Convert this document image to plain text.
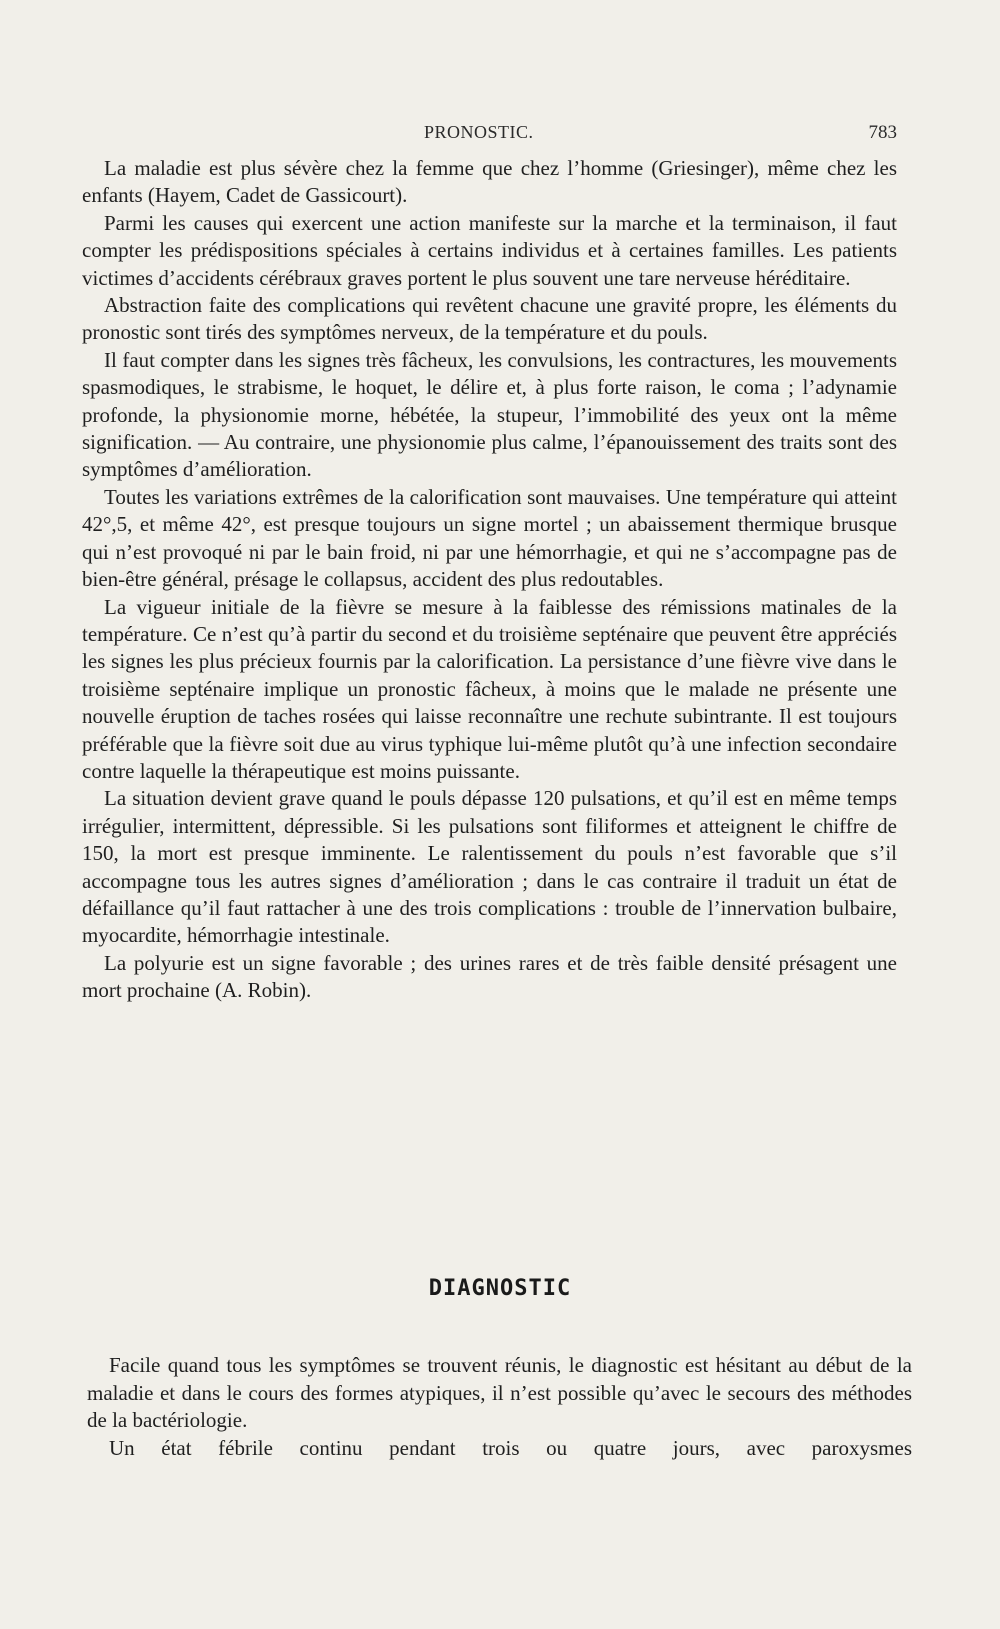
PRONOSTIC.	783

La maladie est plus sévère chez la femme que chez l’homme (Griesinger), même chez les enfants (Hayem, Cadet de Gassicourt).

Parmi les causes qui exercent une action manifeste sur la marche et la terminaison, il faut compter les prédispositions spéciales à certains individus et à certaines familles. Les patients victimes d’accidents cérébraux graves portent le plus souvent une tare nerveuse héréditaire.

Abstraction faite des complications qui revêtent chacune une gravité propre, les éléments du pronostic sont tirés des symptômes nerveux, de la température et du pouls.

Il faut compter dans les signes très fâcheux, les convulsions, les contractures, les mouvements spasmodiques, le strabisme, le hoquet, le délire et, à plus forte raison, le coma ; l’adynamie profonde, la physionomie morne, hébétée, la stupeur, l’immobilité des yeux ont la même signification. — Au contraire, une physionomie plus calme, l’épanouissement des traits sont des symptômes d’amélioration.

Toutes les variations extrêmes de la calorification sont mauvaises. Une température qui atteint 42°,5, et même 42°, est presque toujours un signe mortel ; un abaissement thermique brusque qui n’est provoqué ni par le bain froid, ni par une hémorrhagie, et qui ne s’accompagne pas de bien-être général, présage le collapsus, accident des plus redoutables.

La vigueur initiale de la fièvre se mesure à la faiblesse des rémissions matinales de la température. Ce n’est qu’à partir du second et du troisième septénaire que peuvent être appréciés les signes les plus précieux fournis par la calorification. La persistance d’une fièvre vive dans le troisième septénaire implique un pronostic fâcheux, à moins que le malade ne présente une nouvelle éruption de taches rosées qui laisse reconnaître une rechute subintrante. Il est toujours préférable que la fièvre soit due au virus typhique lui-même plutôt qu’à une infection secondaire contre laquelle la thérapeutique est moins puissante.

La situation devient grave quand le pouls dépasse 120 pulsations, et qu’il est en même temps irrégulier, intermittent, dépressible. Si les pulsations sont filiformes et atteignent le chiffre de 150, la mort est presque imminente. Le ralentissement du pouls n’est favorable que s’il accompagne tous les autres signes d’amélioration ; dans le cas contraire il traduit un état de défaillance qu’il faut rattacher à une des trois complications : trouble de l’innervation bulbaire, myocardite, hémorrhagie intestinale.

La polyurie est un signe favorable ; des urines rares et de très faible densité présagent une mort prochaine (A. Robin).

DIAGNOSTIC

Facile quand tous les symptômes se trouvent réunis, le diagnostic est hésitant au début de la maladie et dans le cours des formes atypiques, il n’est possible qu’avec le secours des méthodes de la bactériologie.

Un état fébrile continu pendant trois ou quatre jours, avec paroxysmes
